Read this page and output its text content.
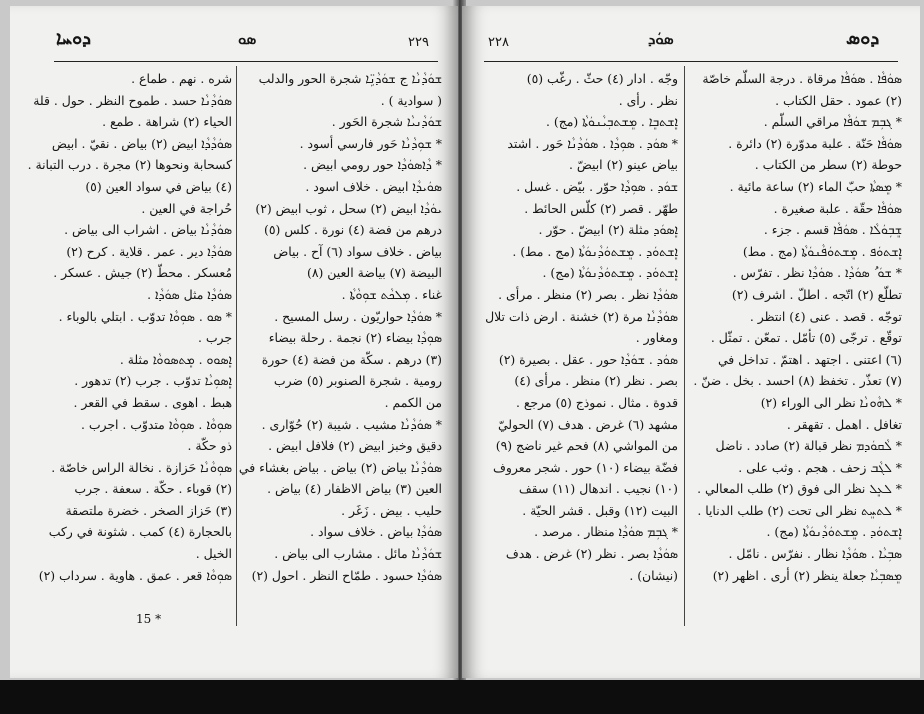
ܕܘܚܐ	ܣܘ	٢٢٩
ܫܘܿܕܵܢܵܐ ج ܫܘܿܕܵܢܹ̈ܐ شجرة الحور والدلب
( سوادية ) .
ܫܘܿܕܵܢܝܵܐ شجرة الحَور .
* ܫܘܼܕܵܢܵܐ حَور فارسي أسود .
* ܕܵܐܣܘܿܕܵܐ حور رومي ابيض .
ܣܘܿܝܕܵܐ ابيض . خلاف اسود .
ܝܘܿܕܵܐ ابيض (٢) سحل ، ثوب ابيض (٢)
درهم من فضة (٤) نورة . كلس (٥)
بياض . خلاف سواد (٦) آح . بياض
البيضة (٧) بياضة العين (٨)
غناء . ܡܼܠܟܵܬ ܫܘܼܘܵܬܵܐ .
* ܣܘܿܕܵܐ حواريّون . رسل المسيح .
ܣܘܼܕܵܐ بيضاء (٢) نجمة . رحلة بيضاء
(٣) درهم . سكّة من فضة (٤) حورة
رومية . شجرة الصنوبر (٥) ضرب
من الكمم .
* ܣܘܿܕܵܢܵܐ مشيب . شيبة (٢) حُوّارى .
دقيق وخبز ابيض (٢) فلافل ابيض .
ܣܘܿܕܵܢܵܐ بياض (٢) بياض . بياض بغشاء في
العين (٣) بياض الاظفار (٤) بياض .
حليب . بيض . زَغَر .
ܣܘܿܕܵܐ بياض . خلاف سواد .
ܫܘܿܕܵܢܵܐ مائل . مشارب الى بياض .
ܣܘܿܕܵܐ حسود . طمّاح النظر . احول (٢)
شره . نهم . طماع .
ܣܘܿܕܵܢܵܐ حسد . طموح النظر . حول . قلة
الحياء (٢) شراهة . طمع .
ܣܘܿܕܵܕܵܐ ابيض (٢) بياض . نقيّ . ابيض
كسحابة ونحوها (٢) مجرة . درب التبانة .
(٤) بياض في سواد العين (٥)
حُراجة في العين .
ܣܘܿܕܵܢܵܐ بياض . اشراب الى بياض .
ܣܘܿܕܵܐ دير . عمر . قلاية . كرح (٢)
مُعسكر . محطّ (٢) جيش . عسكر .
ܣܘܿܕܵܐ مثل ܣܘܿܕܵܐ .
* ܣܘ . ܣܘܼܘܵܐ تدوّب . ابتلي بالوباء .
جرب .
ܐܸܣܘܘ . ܡܸܬܣܘܘܵܐ مثلة .
ܐܸܣܘܼܝܵܐ تدوّب . جرب (٢) تدهور .
هبط . اهوى . سقط في القعر .
ܣܘܼܘܵܐ . ܣܘܼܘܵܐ متدوّب . اجرب .
ذو حكّة .
ܣܘܼܘܵܢܵܐ حَزازة . نخالة الراس خاصّة .
(٢) قوباء . حكّة . سعفة . جرب
(٣) حَزاز الصخر . خضرة ملتصقة
بالحجارة (٤) كمب . شثونة في ركب
الخيل .
ܣܘܼܘܵܐ قعر . عمق . هاوية . سرداب (٢)
15 *
٢٢٨	ܣܘܿܕ	ܕܘܣ
ܣܘܿܦܵܐ . ܣܘܿܦܵܐ مرقاة . درجة السلّم خاصّة
(٢) عمود . حقل الكتاب .
* ܓܒܼܡ ܫܘܿܦܵܐ مراقي السلّم .
ܣܘܿܦܵܐ حَنّة . علبة مدوّرة (٢) دائرة .
حوطة (٢) سطر من الكتاب .
* ܡܸܣܬܵܐ حبّ الماء (٢) ساعة مائية .
ܣܘܿܦܵܐ حقّة . علبة صغيرة .
ܫܸܒܼܘܿܠܵܐ . ܣܘܿܦܵܐ قسم . جزء .
ܐܸܫܬܘܿܦ . ܡܸܫܬܘܿܦܵܢܘܿܬܵܐ (مج . مط)
* ܫܘܿ ُ ܣܘܿܕܵܐ . ܣܘܿܕܵܐ نظر . تفرّس .
تطلّع (٢) اتّجه . اطلّ . اشرف (٢)
توجّه . قصد . عنى (٤) انتظر .
توقّع . ترجّى (٥) تأمّل . تمعّن . تمثّل .
(٦) اعتنى . اجتهد . اهتمّ . تداخل في
(٧) تعذّر . تخفظ (٨) احسد . بخل . ضنّ .
* ܠܗܵܘܢܵܐ نظر الى الوراء (٢)
تغافل . اهمل . تقهقر .
* ܠܵܩܘܿܕܡ نظر قبالة (٢) صادد . ناضل
* ܠܓܵܒ زحف . هجم . وثب على .
* ܠܥܸܠ نظر الى فوق (٢) طلب المعالي .
* ܠܬܚܸܬ نظر الى تحت (٢) طلب الدنايا .
ܐܸܫܬܘܿܕ . ܡܸܫܬܘܿܕܵܢܘܿܬܵܐ (مج) .
ܣܒܼܝܵܐ . ܣܘܿܕܵܐ نظار . نفرّس . نامّل .
ܡܸܣܒܼܝܵܐ جعلة ينظر (٢) أرى . اظهر (٢)
وجّه . ادار (٤) حثّ . رغّب (٥)
نظر . رأى .
ܐܸܫܬܒܸܐ . ܡܸܫܬܒܼܝܵܢܘܿܬܵܐ (مج) .
* ܣܘܿܕ . ܣܘܼܕܵܐ . ܣܘܿܕܵܢܵܐ حَور . اشتد
بياض عينو (٢) ابيضّ .
ܫܘܿܕ . ܣܘܼܕܵܐ حوّر . بيّض . غسل .
طهّر . قصر (٢) كلّس الحائط .
ܐܸܣܘܿܕ مثلة (٢) ابيضّ . حوّر .
ܐܸܫܬܘܿܕ . ܡܸܫܬܘܿܕܵܢܘܿܬܵܐ (مج . مط) .
ܐܸܫܬܘܿܕ . ܡܸܫܬܘܿܕܵܢܘܿܬܵܐ (مج) .
ܣܘܿܕܵܐ نظر . بصر (٢) منظر . مرأى .
ܣܘܿܕܵܢܵܐ مرة (٢) خشنة . ارض ذات تلال
ومغاور .
ܣܘܿܕ . ܫܘܿܕܵܐ حور . عقل . بصيرة (٢)
بصر . نظر (٢) منظر . مرأى (٤)
قدوة . مثال . نموذج (٥) مرجع .
مشهد (٦) غرض . هدف (٧) الحوليّ
من المواشي (٨) فحم غير ناضج (٩)
فضّة بيضاء (١٠) حور . شجر معروف
(١٠) نجيب . اندهال (١١) سقف
البيت (١٢) وقبل . قشر الحيّة .
* ܓܒܼܡ ܣܘܿܕܵܐ منظار . مرصد .
ܣܘܿܕܵܐ بصر . نظر (٢) غرض . هدف
(نيشان) .
